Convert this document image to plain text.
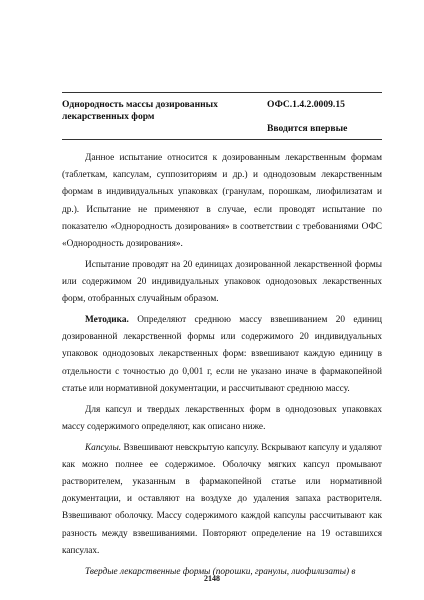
Однородность массы дозированных лекарственных форм
ОФС.1.4.2.0009.15
Вводится впервые

Данное испытание относится к дозированным лекарственным формам (таблеткам, капсулам, суппозиториям и др.) и однодозовым лекарственным формам в индивидуальных упаковках (гранулам, порошкам, лиофилизатам и др.). Испытание не применяют в случае, если проводят испытание по показателю «Однородность дозирования» в соответствии с требованиями ОФС «Однородность дозирования».

Испытание проводят на 20 единицах дозированной лекарственной формы или содержимом 20 индивидуальных упаковок однодозовых лекарственных форм, отобранных случайным образом.

Методика. Определяют среднюю массу взвешиванием 20 единиц дозированной лекарственной формы или содержимого 20 индивидуальных упаковок однодозовых лекарственных форм: взвешивают каждую единицу в отдельности с точностью до 0,001 г, если не указано иначе в фармакопейной статье или нормативной документации, и рассчитывают среднюю массу.

Для капсул и твердых лекарственных форм в однодозовых упаковках массу содержимого определяют, как описано ниже.

Капсулы. Взвешивают невскрытую капсулу. Вскрывают капсулу и удаляют как можно полнее ее содержимое. Оболочку мягких капсул промывают растворителем, указанным в фармакопейной статье или нормативной документации, и оставляют на воздухе до удаления запаха растворителя. Взвешивают оболочку. Массу содержимого каждой капсулы рассчитывают как разность между взвешиваниями. Повторяют определение на 19 оставшихся капсулах.

Твердые лекарственные формы (порошки, гранулы, лиофилизаты) в

2148
